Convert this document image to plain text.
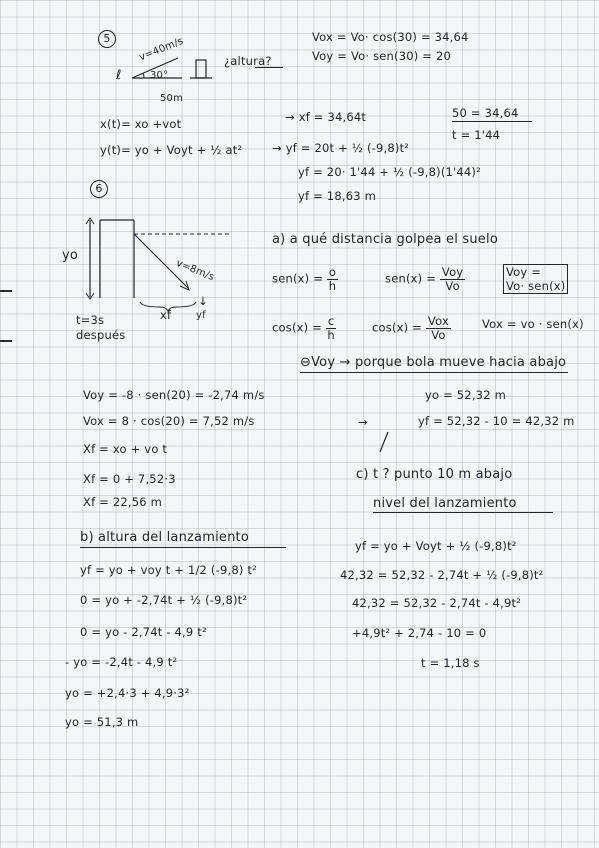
5	v=40m/s
30°
ℓ
50m
¿altura?
Vox = Vo· cos(30) = 34,64
Voy = Vo· sen(30) = 20
x(t)= xo +vot
y(t)= yo + Voyt + ½ at²
→ xf = 34,64t	50 = 34,64
t = 1'44
→ yf = 20t + ½ (-9,8)t²
yf = 20· 1'44 + ½ (-9,8)(1'44)²
yf = 18,63 m
6
yo
v=8m/s
↓
yf
xf
t=3s
después
a) a qué distancia golpea el suelo
$sen(x) = \frac{o}{h}$	$sen(x) = \frac{\text{Voy}}{Vo}$	Voy =
Vo· sen(x)
$\cos(x) = \frac{c}{h}$	$\cos(x) = \frac{\text{Vox}}{Vo}$	Vox = vo · sen(x)
⊖Voy → porque bola mueve hacia abajo
Voy = -8 · sen(20) = -2,74 m/s
Vox = 8 · cos(20) = 7,52 m/s
yo = 52,32 m
yf = 52,32 - 10 = 42,32 m
→
Xf = xo + vo t
Xf = 0 + 7,52·3
Xf = 22,56 m
c) t ? punto 10 m abajo
nivel del lanzamiento
b) altura del lanzamiento
yf = yo + voy t + 1/2 (-9,8) t²
0 = yo + -2,74t + ½ (-9,8)t²
0 = yo - 2,74t - 4,9 t²
- yo = -2,4t - 4,9 t²
yo = +2,4·3 + 4,9·3²
yo = 51,3 m
yf = yo + Voyt + ½ (-9,8)t²
42,32 = 52,32 - 2,74t + ½ (-9,8)t²
42,32 = 52,32 - 2,74t - 4,9t²
+4,9t² + 2,74 - 10 = 0
t = 1,18 s
